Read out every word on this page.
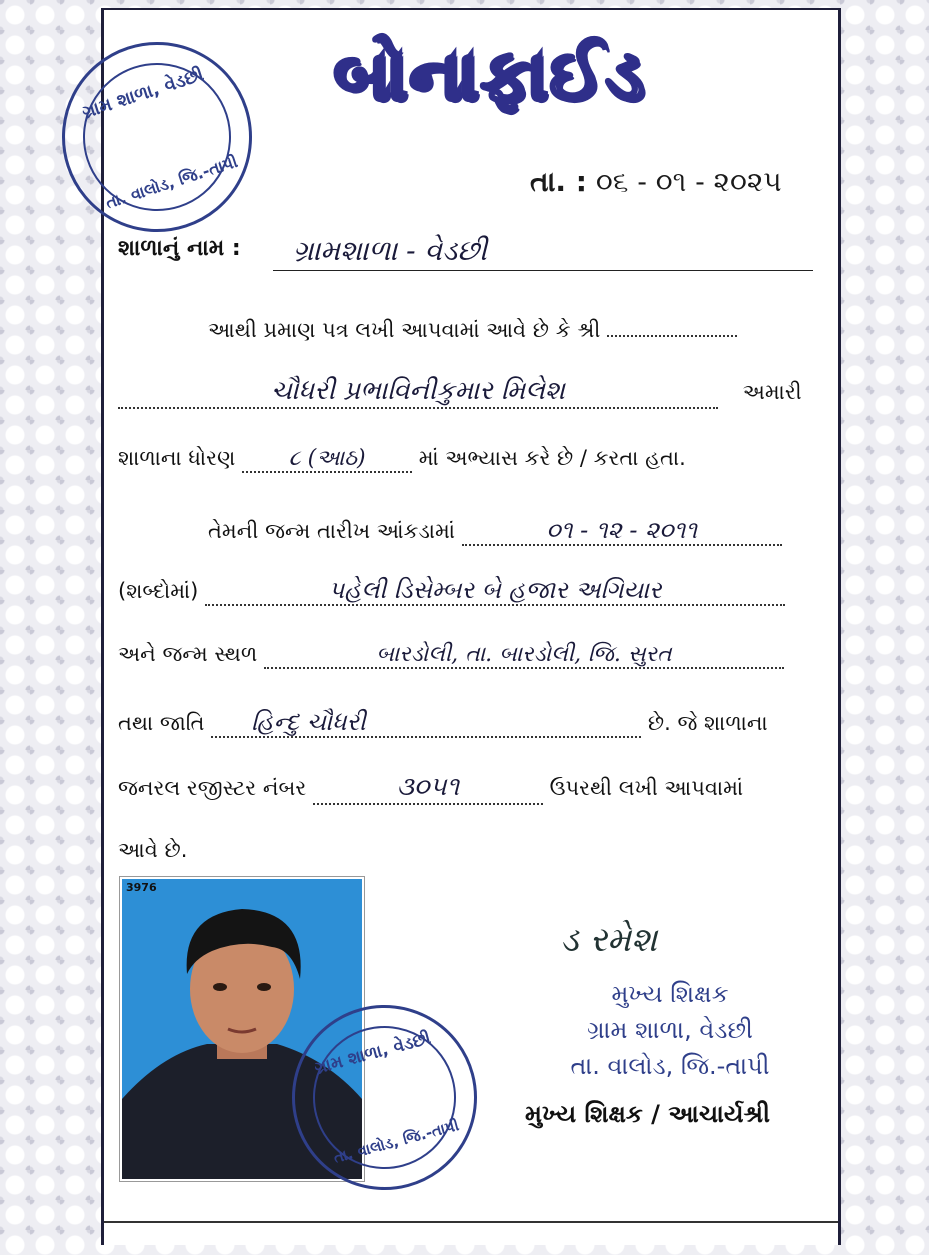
ગ્રામ શાળા, વેડછી
તા. વાલોડ, જિ.-તાપી
બોનાફાઈડ
તા. : ૦૬ - ૦૧ - ૨૦૨૫
શાળાનું નામ : ગ્રામશાળા - વેડછી
આથી પ્રમાણ પત્ર લખી આપવામાં આવે છે કે શ્રી
ચૌધરી પ્રભાવિનીકુમાર મિલેશ	અમારી
શાળાના ધોરણ ૮ (આઠ)	માં અભ્યાસ કરે છે / કરતા હતા.
તેમની જન્મ તારીખ આંકડામાં	૦૧ - ૧૨ - ૨૦૧૧
(શબ્દોમાં)	પહેલી ડિસેમ્બર બે હજાર અગિયાર
અને જન્મ સ્થળ	બારડોલી, તા. બારડોલી, જિ. સુરત
તથા જાતિ હિન્દુ ચૌધરી	છે. જે શાળાના
જનરલ રજીસ્ટર નંબર	૩૦૫૧	ઉપરથી લખી આપવામાં
આવે છે.
3976
ગ્રામ શાળા, વેડછી
તા. વાલોડ, જિ.-તાપી
ડ રમેશ
મુખ્ય શિક્ષક
ગ્રામ શાળા, વેડછી
તા. વાલોડ, જિ.-તાપી
મુખ્ય શિક્ષક / આચાર્યશ્રી
